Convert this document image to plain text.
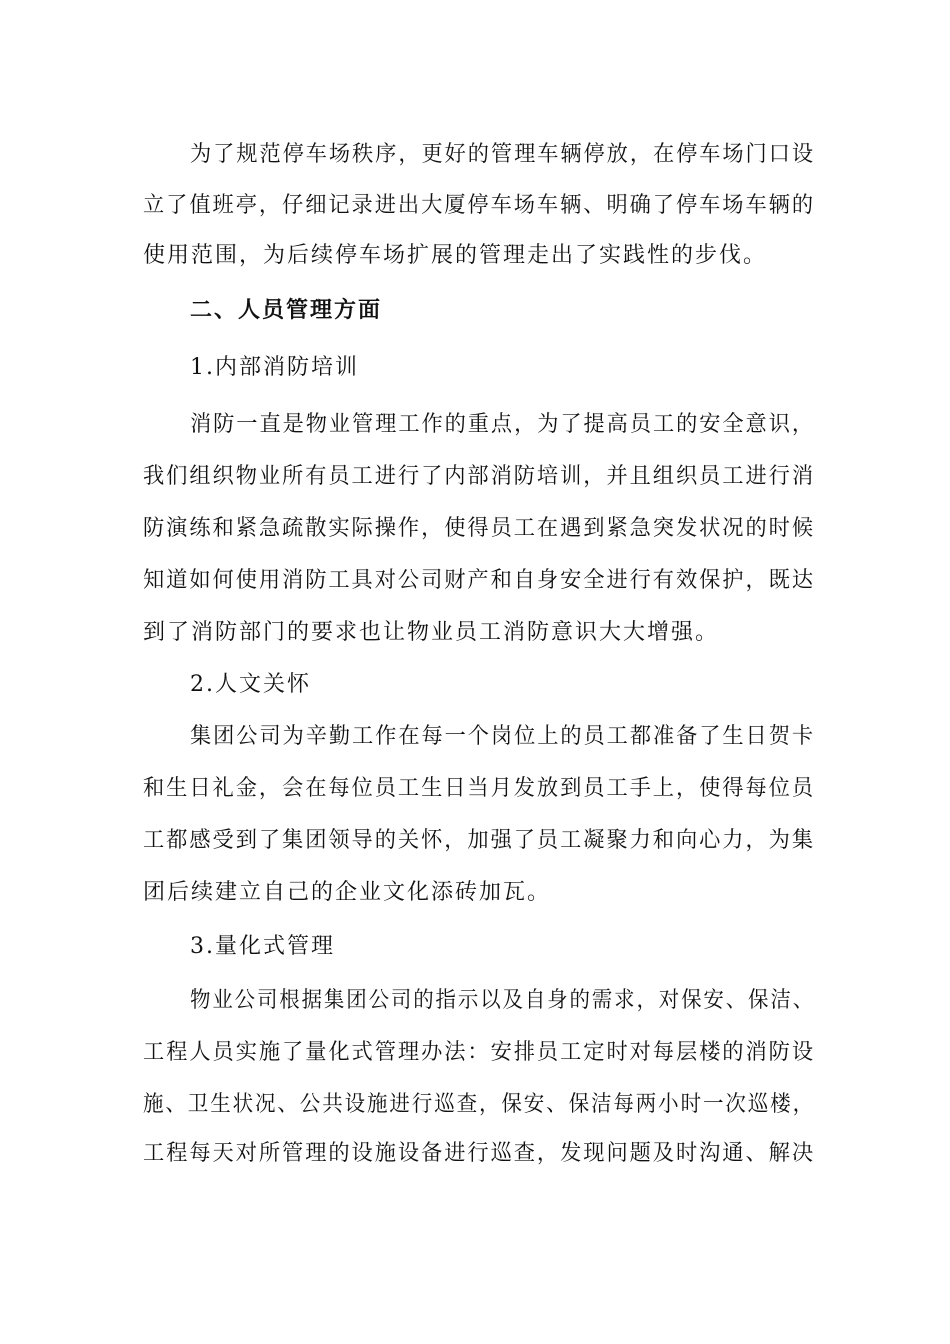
为了规范停车场秩序，更好的管理车辆停放，在停车场门口设
立了值班亭，仔细记录进出大厦停车场车辆、明确了停车场车辆的
使用范围，为后续停车场扩展的管理走出了实践性的步伐。
二、人员管理方面
1.内部消防培训
消防一直是物业管理工作的重点，为了提高员工的安全意识，
我们组织物业所有员工进行了内部消防培训，并且组织员工进行消
防演练和紧急疏散实际操作，使得员工在遇到紧急突发状况的时候
知道如何使用消防工具对公司财产和自身安全进行有效保护，既达
到了消防部门的要求也让物业员工消防意识大大增强。
2.人文关怀
集团公司为辛勤工作在每一个岗位上的员工都准备了生日贺卡
和生日礼金，会在每位员工生日当月发放到员工手上，使得每位员
工都感受到了集团领导的关怀，加强了员工凝聚力和向心力，为集
团后续建立自己的企业文化添砖加瓦。
3.量化式管理
物业公司根据集团公司的指示以及自身的需求，对保安、保洁、
工程人员实施了量化式管理办法：安排员工定时对每层楼的消防设
施、卫生状况、公共设施进行巡查，保安、保洁每两小时一次巡楼，
工程每天对所管理的设施设备进行巡查，发现问题及时沟通、解决
